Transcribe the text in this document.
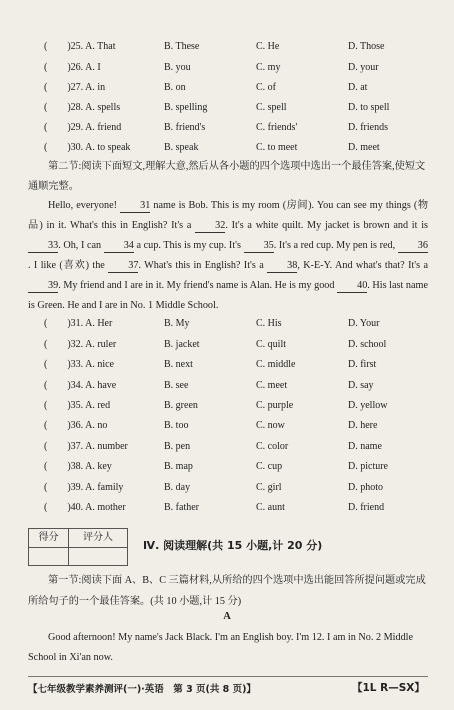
(　　)25. A. That	B. These	C. He	D. Those
(　　)26. A. I	B. you	C. my	D. your
(　　)27. A. in	B. on	C. of	D. at
(　　)28. A. spells	B. spelling	C. spell	D. to spell
(　　)29. A. friend	B. friend's	C. friends'	D. friends
(　　)30. A. to speak	B. speak	C. to meet	D. meet
第二节:阅读下面短文,理解大意,然后从各小题的四个选项中选出一个最佳答案,使短文通顺完整。
Hello, everyone! 31 name is Bob. This is my room (房间). You can see my things (物品) in it. What's this in English? It's a 32. It's a white quilt. My jacket is brown and it is 33. Oh, I can 34 a cup. This is my cup. It's 35. It's a red cup. My pen is red, 36. I like (喜欢) the 37. What's this in English? It's a 38, K-E-Y. And what's that? It's a 39. My friend and I are in it. My friend's name is Alan. He is my good 40. His last name is Green. He and I are in No. 1 Middle School.
(　　)31. A. Her	B. My	C. His	D. Your
(　　)32. A. ruler	B. jacket	C. quilt	D. school
(　　)33. A. nice	B. next	C. middle	D. first
(　　)34. A. have	B. see	C. meet	D. say
(　　)35. A. red	B. green	C. purple	D. yellow
(　　)36. A. no	B. too	C. now	D. here
(　　)37. A. number	B. pen	C. color	D. name
(　　)38. A. key	B. map	C. cup	D. picture
(　　)39. A. family	B. day	C. girl	D. photo
(　　)40. A. mother	B. father	C. aunt	D. friend
得分	评分人
Ⅳ. 阅读理解(共 15 小题,计 20 分)
第一节:阅读下面 A、B、C 三篇材料,从所给的四个选项中选出能回答所提问题或完成所给句子的一个最佳答案。(共 10 小题,计 15 分)
A
Good afternoon! My name's Jack Black. I'm an English boy. I'm 12. I am in No. 2 Middle School in Xi'an now.
【七年级教学素养测评(一)·英语　第 3 页(共 8 页)】	【1L R—SX】
